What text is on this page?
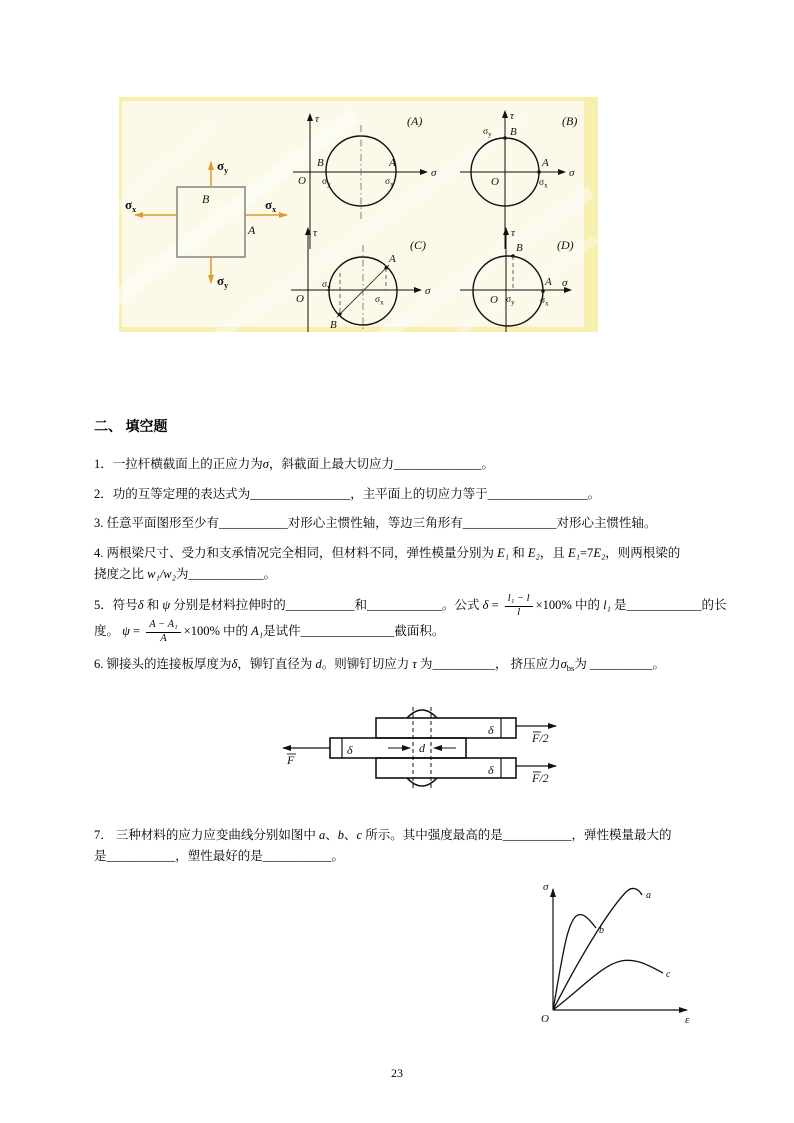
$\sigma_y$
$\sigma_y$
$\sigma_x$	$\sigma_x$
B
A
τ
σ
O
B	A
$\sigma_y$	$\sigma_x$
(A)	τ
σ
O
B
A
$\sigma_y$
$\sigma_x$
(B)
τ
σ
O
A
B
$\sigma_y$
$\sigma_x$
(C)
τ
σ
O
B
A
$\sigma_y$	$\sigma_x$
(D)

二、 填空题

1．一拉杆横截面上的正应力为σ，斜截面上最大切应力______________。

2．功的互等定理的表达式为________________，主平面上的切应力等于________________。

3. 任意平面图形至少有___________对形心主惯性轴，等边三角形有_______________对形心主惯性轴。

4. 两根梁尺寸、受力和支承情况完全相同，但材料不同，弹性模量分别为 E₁ 和 E₂，且 E₁=7E₂，则两根梁的
挠度之比 w₁/w₂为____________。

5．符号δ 和 ψ 分别是材料拉伸时的___________和____________。公式 $\delta = \frac{\text{l₁ − l}}{l} \times 100\%$ 中的 l₁ 是____________的长
度。 $\psi = \frac{\text{A − A₁}}{A} \times 100\%$ 中的 A₁是试件_______________截面积。

6. 铆接头的连接板厚度为δ，铆钉直径为 d。则铆钉切应力 τ 为__________， 挤压应力$\sigma_{bs}$为 __________。

δ
δ
δ
d
F
F/2
F/2

7． 三种材料的应力应变曲线分别如图中 a、b、c 所示。其中强度最高的是___________，弹性模量最大的
是___________，塑性最好的是___________。

σ
ε
O
a
b
c
23
